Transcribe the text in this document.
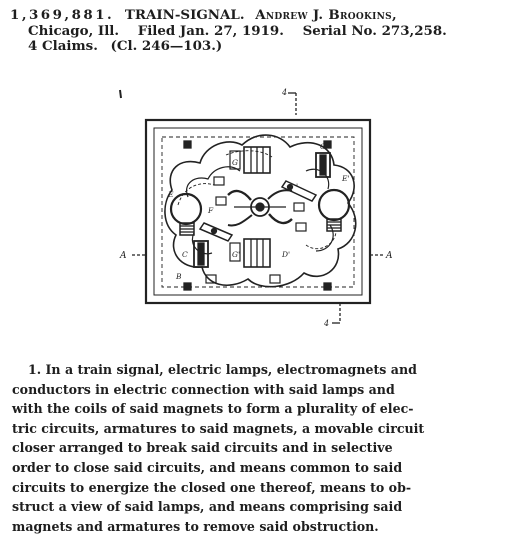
1,369,881. TRAIN-SIGNAL. Andrew J. Brookins,
Chicago, Ill. Filed Jan. 27, 1919. Serial No. 273,258.
4 Claims. (Cl. 246—103.)
4
A	A
4
B
C
C'
G
G'	D'
E
F
E'
'
1. In a train signal, electric lamps, electromagnets and
conductors in electric connection with said lamps and
with the coils of said magnets to form a plurality of elec-
tric circuits, armatures to said magnets, a movable circuit
closer arranged to break said circuits and in selective
order to close said circuits, and means common to said
circuits to energize the closed one thereof, means to ob-
struct a view of said lamps, and means comprising said
magnets and armatures to remove said obstruction.
